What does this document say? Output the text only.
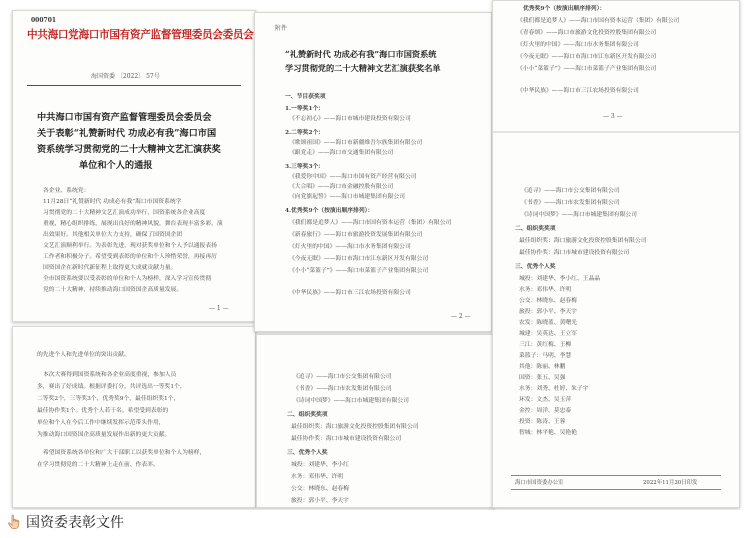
000701
中共海口党海口市国有资产监督管理委员会委员会
海国资委 〔2022〕 57号
中共海口市国有资产监督管理委员会委员会
关于表彰“礼赞新时代 功成必有我”海口市国
资系统学习贯彻党的二十大精神文艺汇演获奖
单位和个人的通报
各企业、系统党：
11月28日“礼赞新时代 功成必有我”海口市国资系统学
习贯彻党的二十大精神文艺汇演成功举行，国资系统各企业高度
重视，精心组织排练，展现出良好的精神风貌，舞台表现丰富多彩，演
出效果好。其他相关单位大力支持，确保了国资国企团
文艺汇演顺利举行。为表彰先进，现对获奖单位和个人予以通报表扬
工作者和积极分子。希望受到表彰的单位和个人珍惜荣誉，再接再厉
国资国企在新时代新征程上取得更大成就贡献力量。
全市国资系统要以受表彰的单位和个人为榜样，深入学习宣传贯彻
党的二十大精神，持续推动海口国资国企高质量发展。
— 1 —
的先进个人和先进单位的突出贡献。
本次大赛得到国资系统和各企业高度重视，参加人员
多，赛出了好成绩。根据评委打分，共评选出一等奖1个，
二等奖2个，三等奖3个、优秀奖9个，最佳组织奖1个，
最佳协作奖1个。优秀个人若干名。希望受到表彰的
单位和个人在今后工作中继续发挥示范带头作用，
为推动海口国资国企高质量发展作出新的更大贡献。
希望国资系统各单位和广大干部职工以获奖单位和个人为榜样，
在学习贯彻党的二十大精神上走在前、作表率。
附件
“礼赞新时代 功成必有我”海口市国资系统
学习贯彻党的二十大精神文艺汇演获奖名单
一、节目获奖项
1.一等奖1个：
《不忘初心》——海口市城市建设投资有限公司
2.二等奖2个：
《歌颂祖国》——海口市新疆维吾尔族集团有限公司
《跟党走》——海口市交通集团有限公司
3.三等奖3个：
《我爱你中国》——海口市国有资产经营有限公司
《大合唱》——海口市金融控股有限公司
《向党旗起誓》——海口市城建集团有限公司
4.优秀奖9个（按演出顺序排列）：
《我们都是追梦人》——海口市国有资本运营（集团）有限公司
《新春旅行》——海口市旅游投资发展集团有限公司
《灯火里的中国》——海口市水务集团有限公司
《今夜无眠》——海口市海口市江东新区开发有限公司
《小小“菜篮子”》——海口市菜篮子产业集团有限公司
《中华民族》——海口市三江农场投资有限公司
— 2 —
《追寻》——海口市公交集团有限公司
《书香》——海口市农发集团有限公司
《诗词中国梦》——海口市城建集团有限公司
二、组织奖奖项
最佳组织奖：海口旅游文化投资控股集团有限公司
最佳协作奖：海口市城市建设投资有限公司
三、优秀个人奖
城投：刘建华、李小红
水务：邓伟华、许明
公交：林晓东、赵春梅
旅投：郭小平、李天宇
优秀奖9个（按演出顺序排列）：
《我们都是追梦人》——海口市国有资本运营（集团）有限公司
《青春颂》——海口市旅游文化投资控股集团有限公司
《灯火里的中国》——海口市水务集团有限公司
《今夜无眠》——海口市海口市江东新区开发有限公司
《小小“菜篮子”》——海口市菜篮子产业集团有限公司
《中华民族》——海口市三江农场投资有限公司
— 3 —
《追寻》——海口市公交集团有限公司
《书香》——海口市农发集团有限公司
《诗词中国梦》——海口市城建集团有限公司
二、组织奖奖项
最佳组织奖：海口旅游文化投资控股集团有限公司
最佳协作奖：海口市城市建设投资有限公司
三、优秀个人奖
城投：刘建华、李小红、王晶晶
水务：邓伟华、许明
公交：林晓东、赵春梅
旅投：郭小平、李天宇
农发：陈晓蓝、黄曙光
城建：吴英达、王立军
三江：黄红梅、王柳
菜篮子：马明、李慧
其他：陈丽、林鹏
国资：张五、吴强
水务：刘秀、杜婷、朱子宇
环发：文杰、吴玉萍
金控：周洋、莫忠泰
投资：陈涛、王蓉
智城：林平艳、吴艳艳
海口市国资委办公室	2022年11月30日印发
国资委表彰文件
